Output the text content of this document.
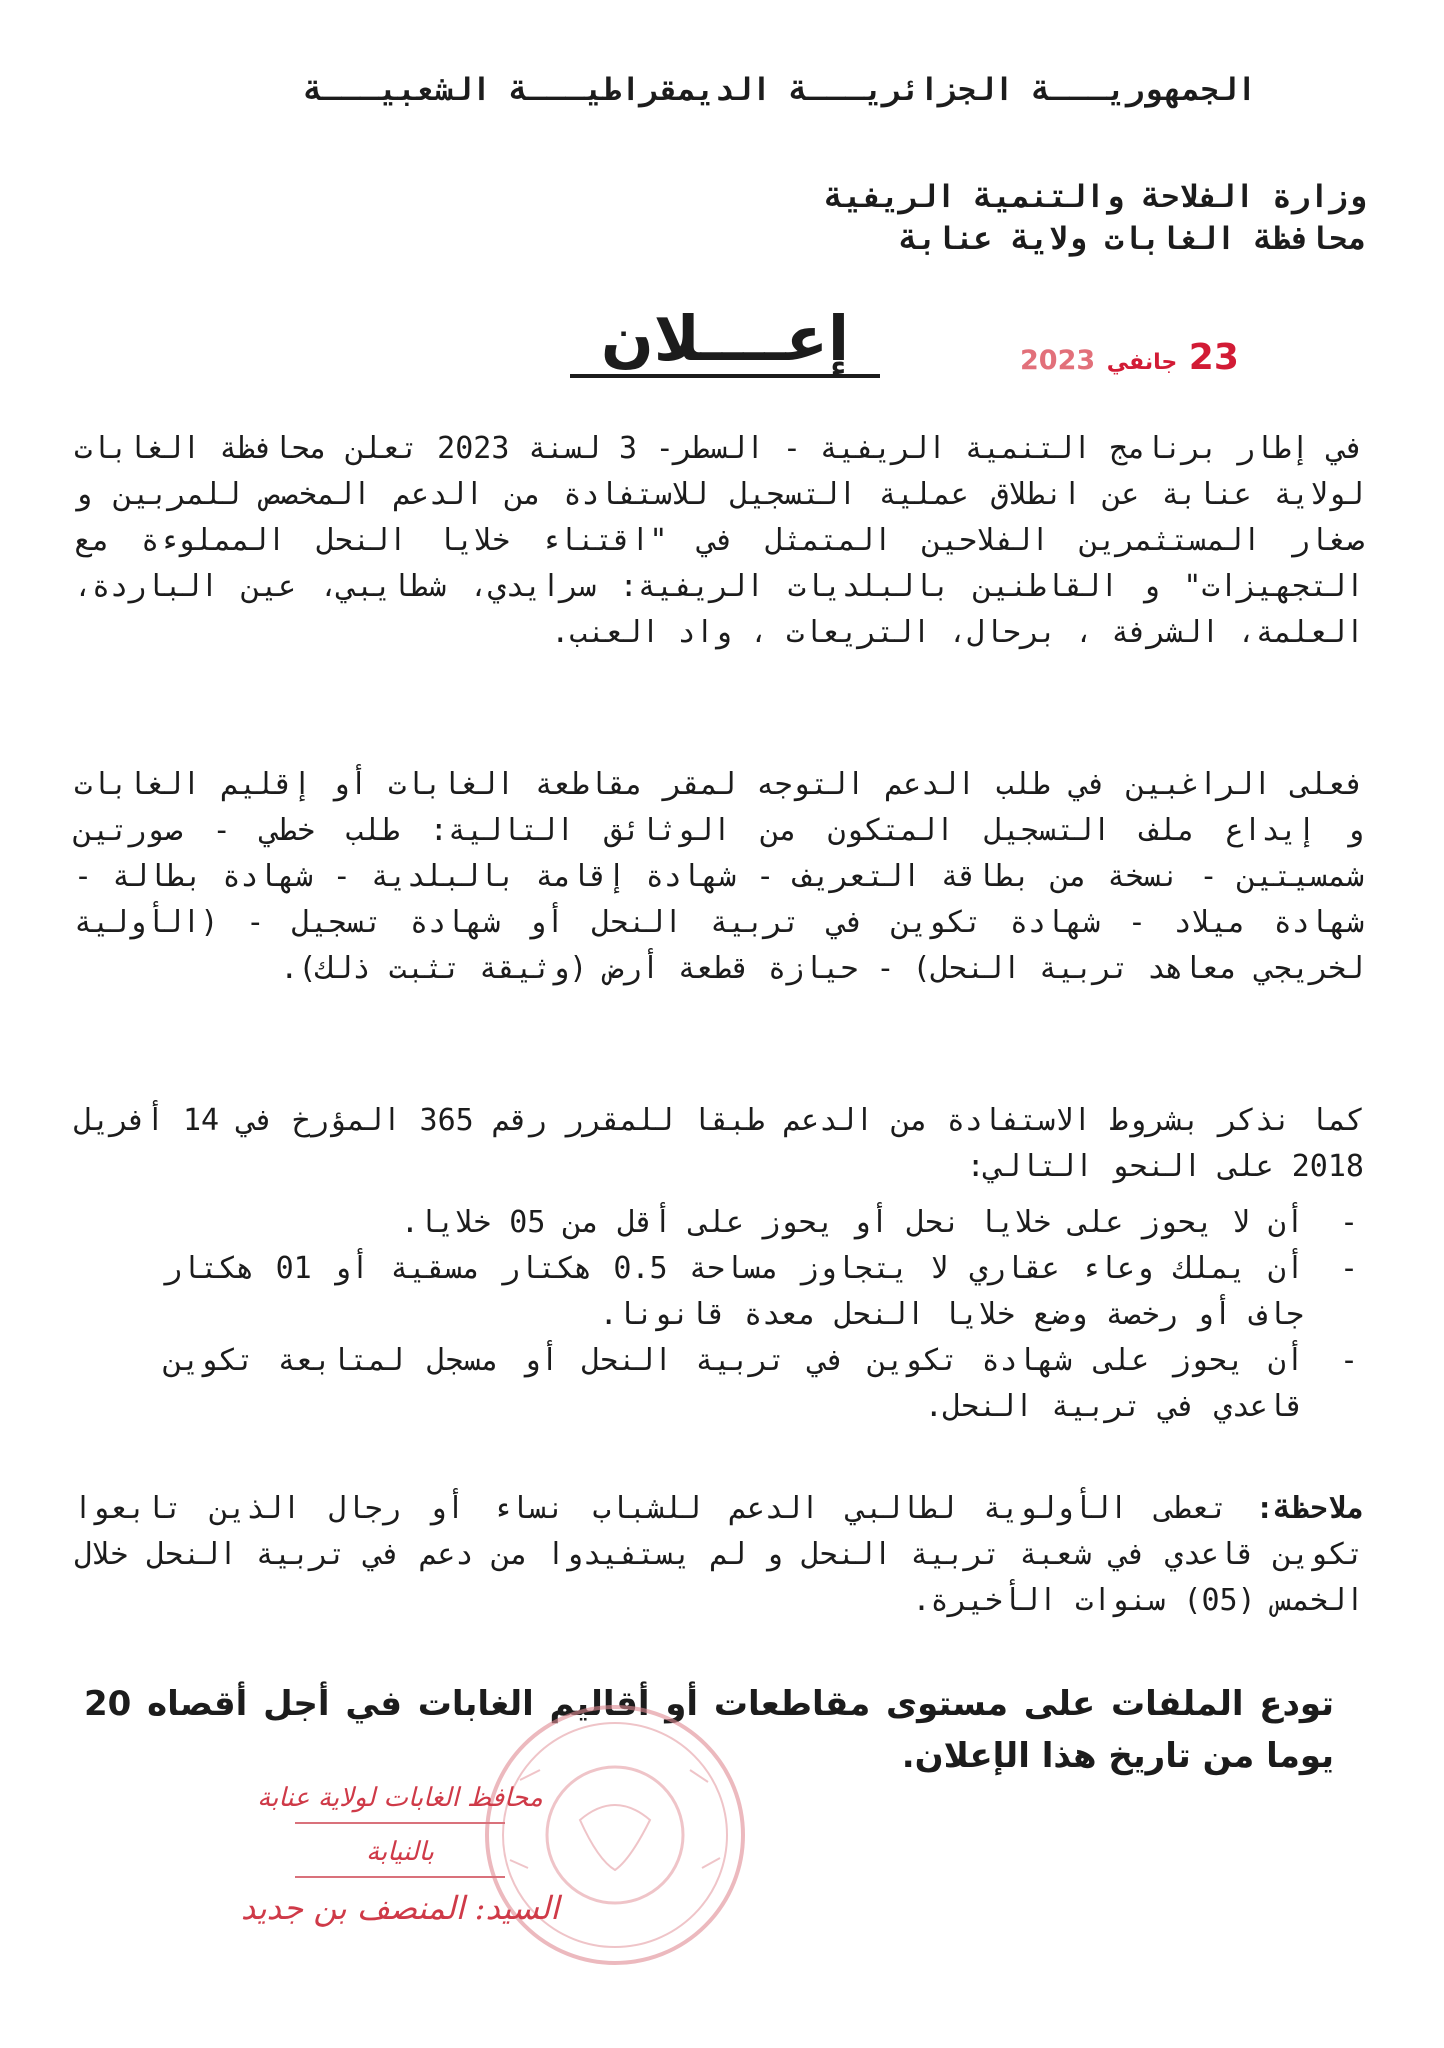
الجمهوريـــة الجزائريـــة الديمقراطيـــة الشعبيـــة
وزارة الفلاحة والتنمية الريفية
محافظة الغابات ولاية عنابة
إعــــلان	23 جانفي 2023
في إطار برنامج التنمية الريفية - السطر- 3 لسنة 2023 تعلن محافظة الغابات لولاية عنابة عن انطلاق عملية التسجيل للاستفادة من الدعم المخصص للمربين و صغار المستثمرين الفلاحين المتمثل في "اقتناء خلايا النحل المملوءة مع التجهيزات" و القاطنين بالبلديات الريفية: سرايدي، شطايبي، عين الباردة، العلمة، الشرفة ، برحال، التريعات ، واد العنب.
فعلى الراغبين في طلب الدعم التوجه لمقر مقاطعة الغابات أو إقليم الغابات و إيداع ملف التسجيل المتكون من الوثائق التالية: طلب خطي - صورتين شمسيتين - نسخة من بطاقة التعريف - شهادة إقامة بالبلدية - شهادة بطالة - شهادة ميلاد - شهادة تكوين في تربية النحل أو شهادة تسجيل - (الأولية لخريجي معاهد تربية النحل) - حيازة قطعة أرض (وثيقة تثبت ذلك).
كما نذكر بشروط الاستفادة من الدعم طبقا للمقرر رقم 365 المؤرخ في 14 أفريل 2018 على النحو التالي:
-
أن لا يحوز على خلايا نحل أو يحوز على أقل من 05 خلايا.
-
أن يملك وعاء عقاري لا يتجاوز مساحة 0.5 هكتار مسقية أو 01 هكتار جاف أو رخصة وضع خلايا النحل معدة قانونا.
-
أن يحوز على شهادة تكوين في تربية النحل أو مسجل لمتابعة تكوين قاعدي في تربية النحل.
ملاحظة: تعطى الأولوية لطالبي الدعم للشباب نساء أو رجال الذين تابعوا تكوين قاعدي في شعبة تربية النحل و لم يستفيدوا من دعم في تربية النحل خلال الخمس (05) سنوات الأخيرة.
تودع الملفات على مستوى مقاطعات أو أقاليم الغابات في أجل أقصاه 20 يوما من تاريخ هذا الإعلان.
محافظ الغابات لولاية عنابة
بالنيابة
السيد: المنصف بن جديد
